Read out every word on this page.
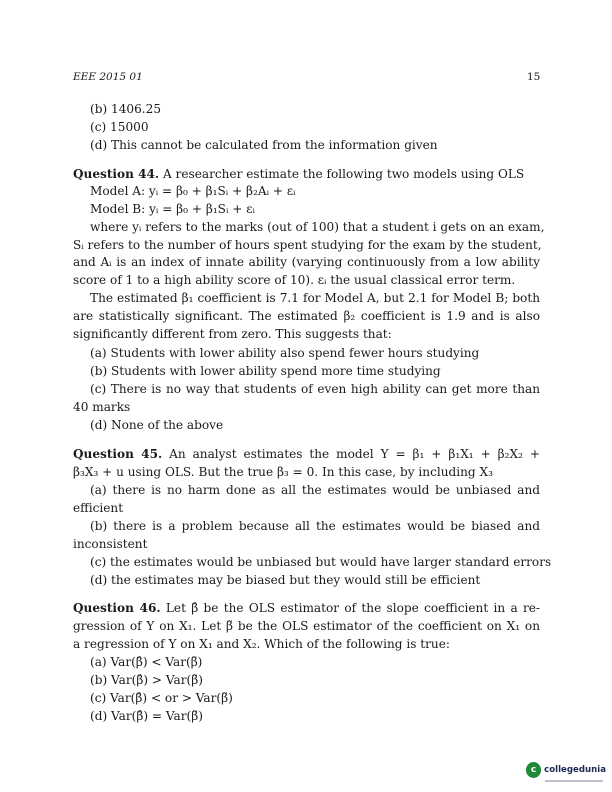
EEE 2015 01	15
(b) 1406.25
(c) 15000
(d) This cannot be calculated from the information given
Question 44. A researcher estimate the following two models using OLS
Model A: yᵢ = β₀ + β₁Sᵢ + β₂Aᵢ + εᵢ
Model B: yᵢ = β₀ + β₁Sᵢ + εᵢ
where yᵢ refers to the marks (out of 100) that a student i gets on an exam,
Sᵢ refers to the number of hours spent studying for the exam by the student,
and Aᵢ is an index of innate ability (varying continuously from a low ability
score of 1 to a high ability score of 10). εᵢ the usual classical error term.
The estimated β₁ coefficient is 7.1 for Model A, but 2.1 for Model B; both
are statistically significant. The estimated β₂ coefficient is 1.9 and is also
significantly different from zero. This suggests that:
(a) Students with lower ability also spend fewer hours studying
(b) Students with lower ability spend more time studying
(c) There is no way that students of even high ability can get more than
40 marks
(d) None of the above
Question 45. An analyst estimates the model Y = β₁ + β₁X₁ + β₂X₂ +
β₃X₃ + u using OLS. But the true β₃ = 0. In this case, by including X₃
(a) there is no harm done as all the estimates would be unbiased and
efficient
(b) there is a problem because all the estimates would be biased and
inconsistent
(c) the estimates would be unbiased but would have larger standard errors
(d) the estimates may be biased but they would still be efficient
Question 46. Let β̂ be the OLS estimator of the slope coefficient in a re-
gression of Y on X₁. Let β̃ be the OLS estimator of the coefficient on X₁ on
a regression of Y on X₁ and X₂. Which of the following is true:
(a) Var(β̂) < Var(β̃)
(b) Var(β̂) > Var(β̃)
(c) Var(β̂) < or > Var(β̃)
(d) Var(β̂) = Var(β̃)
c collegedunia
